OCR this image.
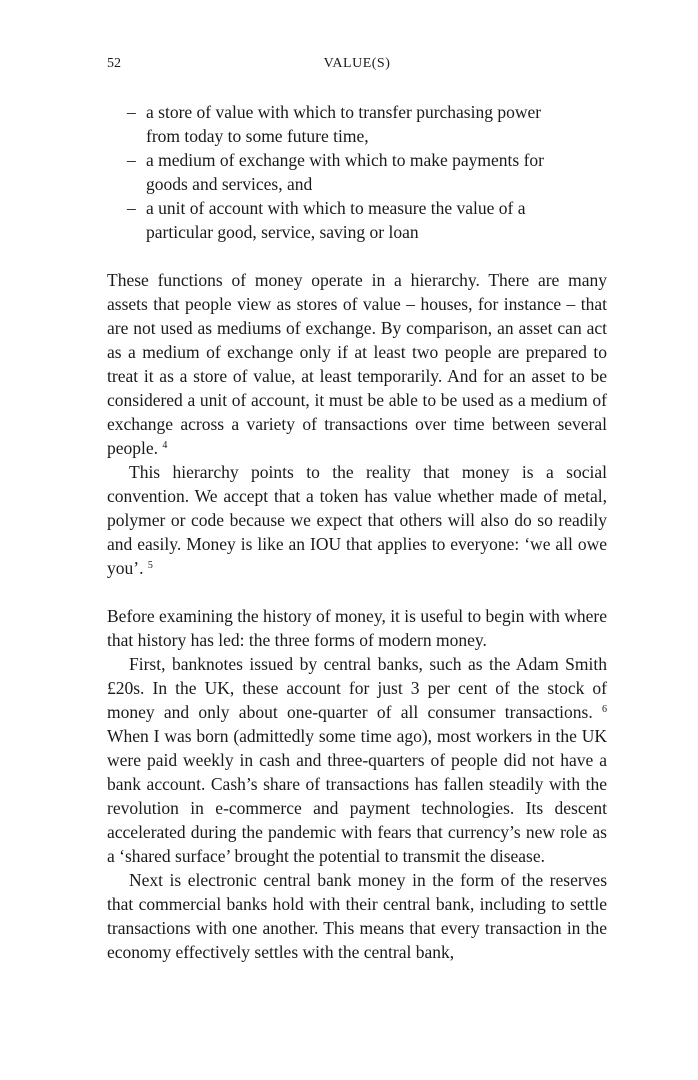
52	VALUE(S)
– a store of value with which to transfer purchasing power from today to some future time,
– a medium of exchange with which to make payments for goods and services, and
– a unit of account with which to measure the value of a particular good, service, saving or loan

These functions of money operate in a hierarchy. There are many assets that people view as stores of value – houses, for instance – that are not used as mediums of exchange. By comparison, an asset can act as a medium of exchange only if at least two people are prepared to treat it as a store of value, at least temporarily. And for an asset to be considered a unit of account, it must be able to be used as a medium of exchange across a variety of transactions over time between several people. $^4$

This hierarchy points to the reality that money is a social convention. We accept that a token has value whether made of metal, polymer or code because we expect that others will also do so readily and easily. Money is like an IOU that applies to everyone: ‘we all owe you’. $^5$

Before examining the history of money, it is useful to begin with where that history has led: the three forms of modern money.

First, banknotes issued by central banks, such as the Adam Smith £20s. In the UK, these account for just 3 per cent of the stock of money and only about one-quarter of all consumer transactions. $^6$ When I was born (admittedly some time ago), most workers in the UK were paid weekly in cash and three-quarters of people did not have a bank account. Cash’s share of transactions has fallen steadily with the revolution in e-commerce and payment technologies. Its descent accelerated during the pandemic with fears that currency’s new role as a ‘shared surface’ brought the potential to transmit the disease.

Next is electronic central bank money in the form of the reserves that commercial banks hold with their central bank, including to settle transactions with one another. This means that every transaction in the economy effectively settles with the central bank,
